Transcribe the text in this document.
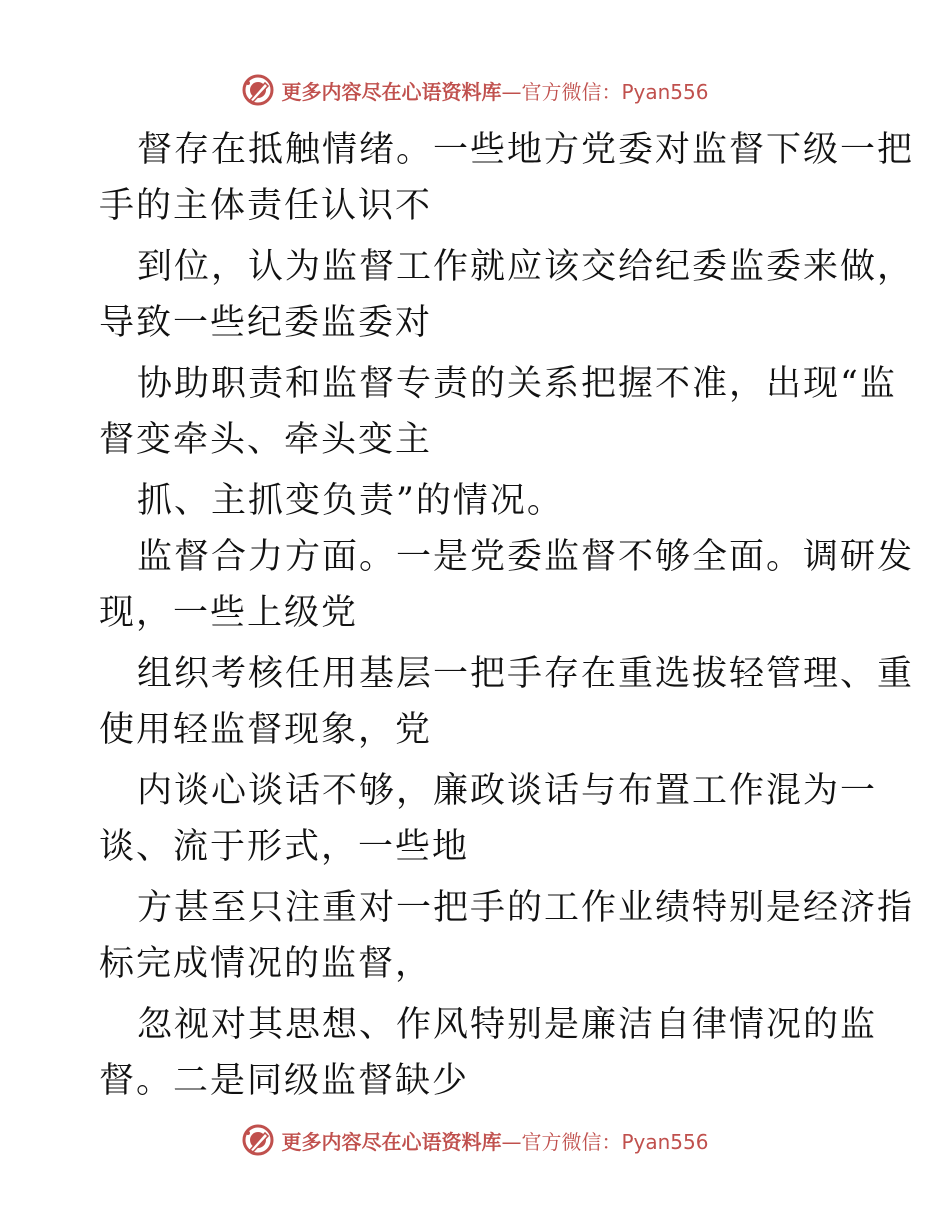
更多内容尽在心语资料库—官方微信：Pyan556
督存在抵触情绪。一些地方党委对监督下级一把
手的主体责任认识不
到位，认为监督工作就应该交给纪委监委来做，
导致一些纪委监委对
协助职责和监督专责的关系把握不准，出现“监
督变牵头、牵头变主
抓、主抓变负责”的情况。
监督合力方面。一是党委监督不够全面。调研发
现，一些上级党
组织考核任用基层一把手存在重选拔轻管理、重
使用轻监督现象，党
内谈心谈话不够，廉政谈话与布置工作混为一
谈、流于形式，一些地
方甚至只注重对一把手的工作业绩特别是经济指
标完成情况的监督，
忽视对其思想、作风特别是廉洁自律情况的监
督。二是同级监督缺少
更多内容尽在心语资料库—官方微信：Pyan556
